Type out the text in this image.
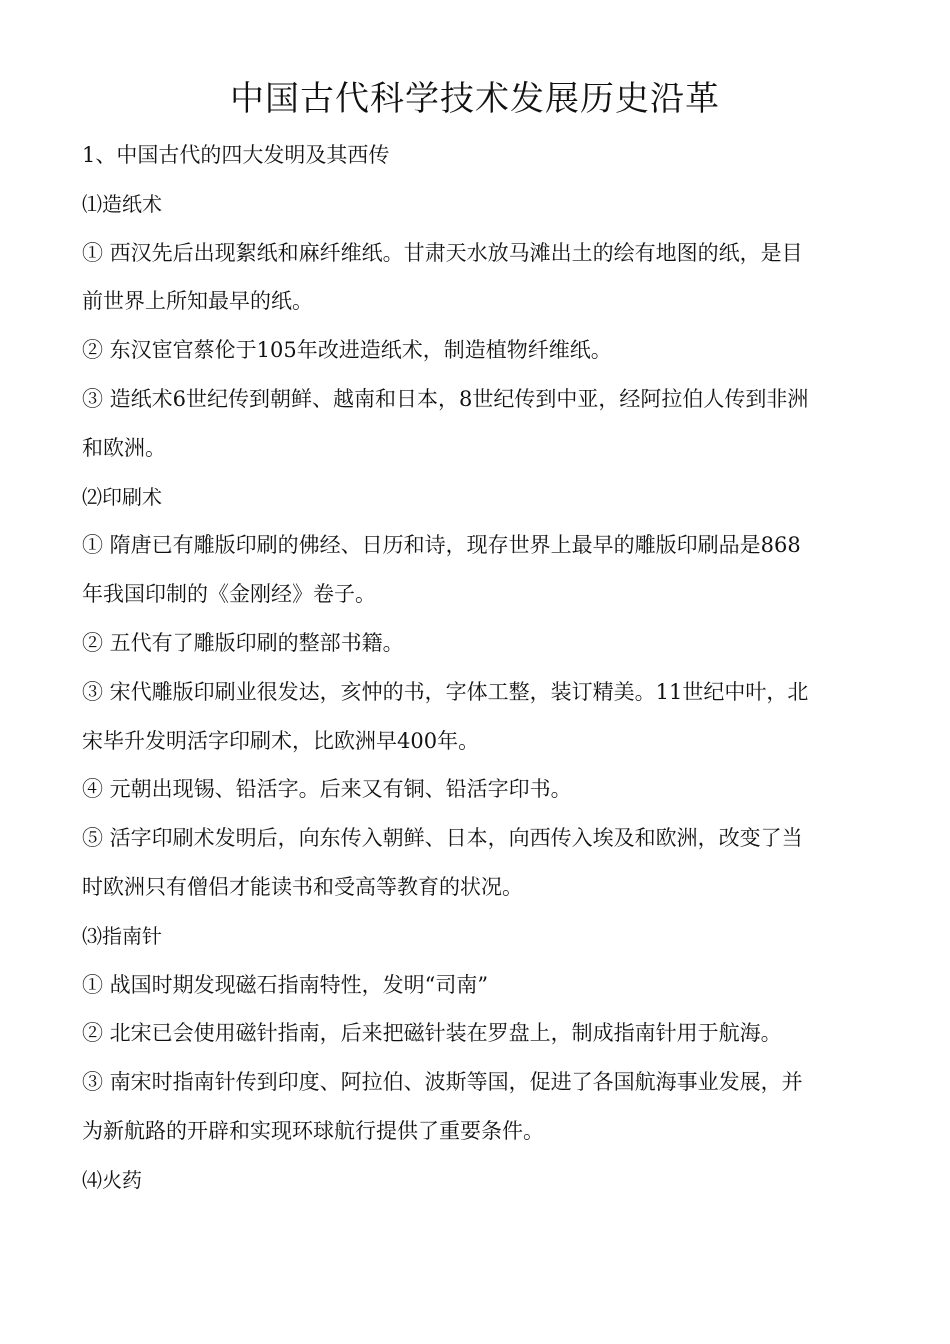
中国古代科学技术发展历史沿革

1、中国古代的四大发明及其西传

⑴造纸术

① 西汉先后出现絮纸和麻纤维纸。甘肃天水放马滩出土的绘有地图的纸，是目

前世界上所知最早的纸。

② 东汉宦官蔡伦于105年改进造纸术，制造植物纤维纸。

③ 造纸术6世纪传到朝鲜、越南和日本，8世纪传到中亚，经阿拉伯人传到非洲

和欧洲。

⑵印刷术

① 隋唐已有雕版印刷的佛经、日历和诗，现存世界上最早的雕版印刷品是868

年我国印制的《金刚经》卷子。

② 五代有了雕版印刷的整部书籍。

③ 宋代雕版印刷业很发达，亥忡的书，字体工整，装订精美。11世纪中叶，北

宋毕升发明活字印刷术，比欧洲早400年。

④ 元朝出现锡、铅活字。后来又有铜、铅活字印书。

⑤ 活字印刷术发明后，向东传入朝鲜、日本，向西传入埃及和欧洲，改变了当

时欧洲只有僧侣才能读书和受高等教育的状况。

⑶指南针

① 战国时期发现磁石指南特性，发明“司南”

② 北宋已会使用磁针指南，后来把磁针装在罗盘上，制成指南针用于航海。

③ 南宋时指南针传到印度、阿拉伯、波斯等国，促进了各国航海事业发展，并

为新航路的开辟和实现环球航行提供了重要条件。

⑷火药
